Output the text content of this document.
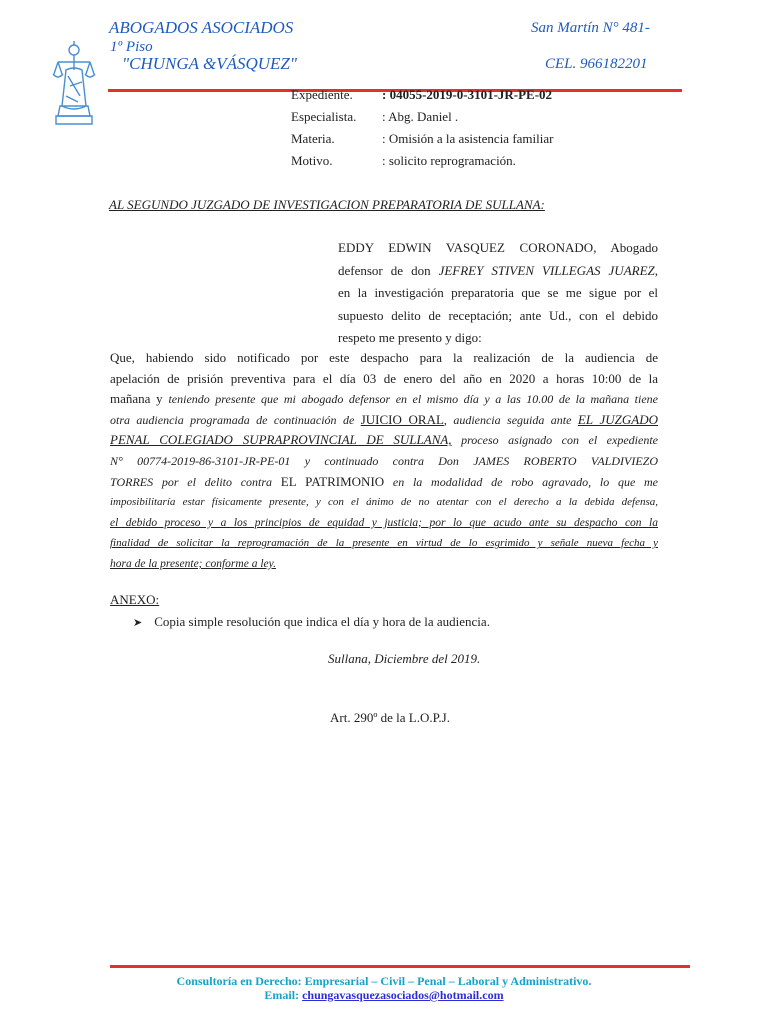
ABOGADOS ASOCIADOS	San Martín N° 481-
1º Piso
"CHUNGA &VÁSQUEZ"	CEL. 966182201
Expediente. : 04055-2019-0-3101-JR-PE-02
Especialista. : Abg. Daniel .
Materia.	: Omisión a la asistencia familiar
Motivo.	: solicito reprogramación.
AL SEGUNDO JUZGADO DE INVESTIGACION PREPARATORIA DE SULLANA:
EDDY EDWIN VASQUEZ CORONADO, Abogado
defensor de don JEFREY STIVEN VILLEGAS JUAREZ,
en la investigación preparatoria que se me sigue por el
supuesto delito de receptación; ante Ud., con el debido
respeto me presento y digo:
Que, habiendo sido notificado por este despacho para la realización de la audiencia de
apelación de prisión preventiva para el día 03 de enero del año en 2020 a horas 10:00 de la
mañana y teniendo presente que mi abogado defensor en el mismo día y a las 10.00 de la mañana tiene
otra audiencia programada de continuación de JUICIO ORAL, audiencia seguida ante EL JUZGADO
PENAL COLEGIADO SUPRAPROVINCIAL DE SULLANA, proceso asignado con el expediente
N° 00774-2019-86-3101-JR-PE-01 y continuado contra Don JAMES ROBERTO VALDIVIEZO
TORRES por el delito contra EL PATRIMONIO en la modalidad de robo agravado, lo que me
imposibilitaría estar físicamente presente, y con el ánimo de no atentar con el derecho a la debida defensa,
el debido proceso y a los principios de equidad y justicia; por lo que acudo ante su despacho con la
finalidad de solicitar la reprogramación de la presente en virtud de lo esgrimido y señale nueva fecha y
hora de la presente; conforme a ley.
ANEXO:
➤ Copia simple resolución que indica el día y hora de la audiencia.
Sullana, Diciembre del 2019.
Art. 290º de la L.O.P.J.
Consultoría en Derecho: Empresarial – Civil – Penal – Laboral y Administrativo.
Email: chungavasquezasociados@hotmail.com
